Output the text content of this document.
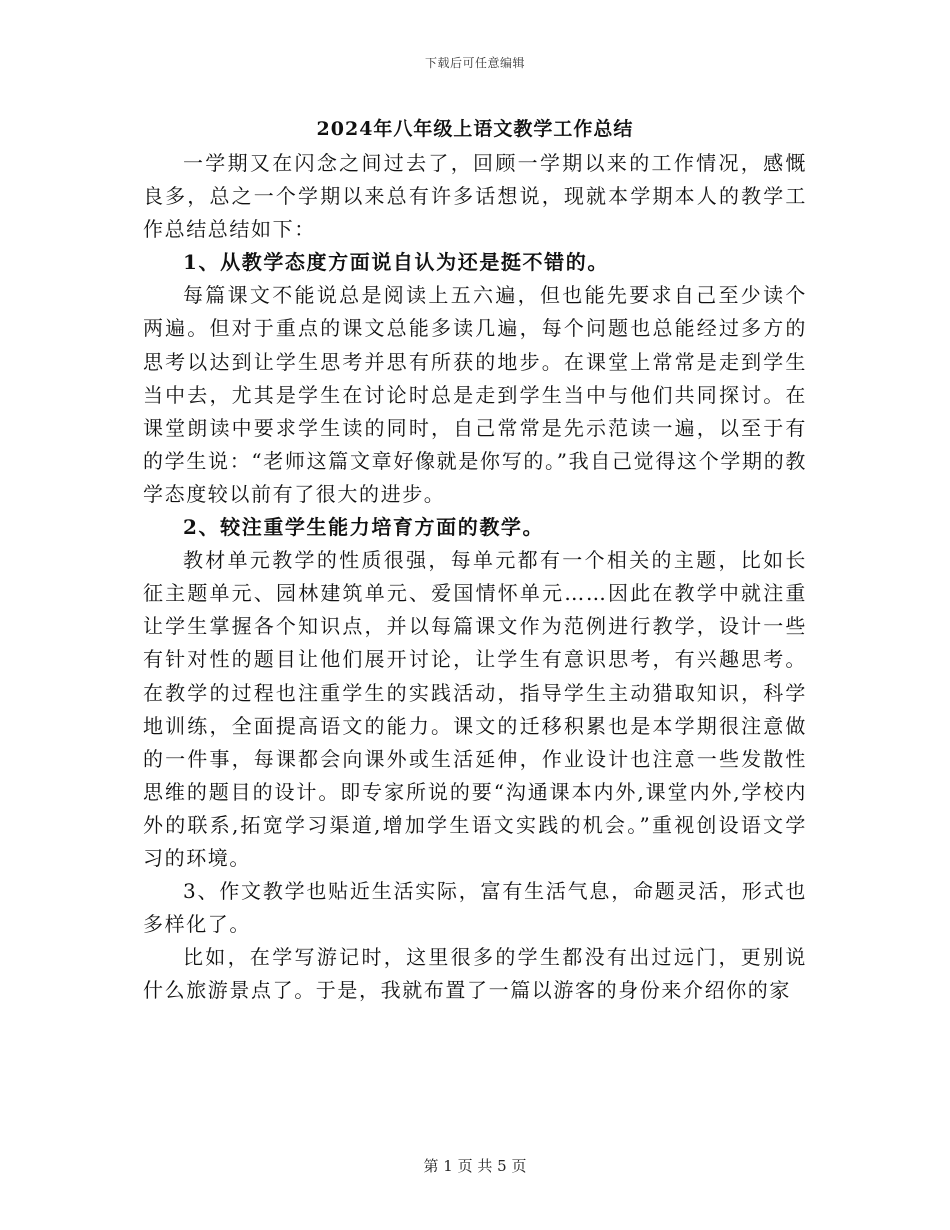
下载后可任意编辑
2024年八年级上语文教学工作总结

一学期又在闪念之间过去了，回顾一学期以来的工作情况，感慨良多，总之一个学期以来总有许多话想说，现就本学期本人的教学工作总结总结如下：

1、从教学态度方面说自认为还是挺不错的。

每篇课文不能说总是阅读上五六遍，但也能先要求自己至少读个两遍。但对于重点的课文总能多读几遍，每个问题也总能经过多方的思考以达到让学生思考并思有所获的地步。在课堂上常常是走到学生当中去，尤其是学生在讨论时总是走到学生当中与他们共同探讨。在课堂朗读中要求学生读的同时，自己常常是先示范读一遍，以至于有的学生说：“老师这篇文章好像就是你写的。”我自己觉得这个学期的教学态度较以前有了很大的进步。

2、较注重学生能力培育方面的教学。

教材单元教学的性质很强，每单元都有一个相关的主题，比如长征主题单元、园林建筑单元、爱国情怀单元……因此在教学中就注重让学生掌握各个知识点，并以每篇课文作为范例进行教学，设计一些有针对性的题目让他们展开讨论，让学生有意识思考，有兴趣思考。在教学的过程也注重学生的实践活动，指导学生主动猎取知识，科学地训练，全面提高语文的能力。课文的迁移积累也是本学期很注意做的一件事，每课都会向课外或生活延伸，作业设计也注意一些发散性思维的题目的设计。即专家所说的要“沟通课本内外,课堂内外,学校内外的联系,拓宽学习渠道,增加学生语文实践的机会。”重视创设语文学习的环境。

3、作文教学也贴近生活实际，富有生活气息，命题灵活，形式也多样化了。

比如，在学写游记时，这里很多的学生都没有出过远门，更别说什么旅游景点了。于是，我就布置了一篇以游客的身份来介绍你的家

第 1 页 共 5 页
